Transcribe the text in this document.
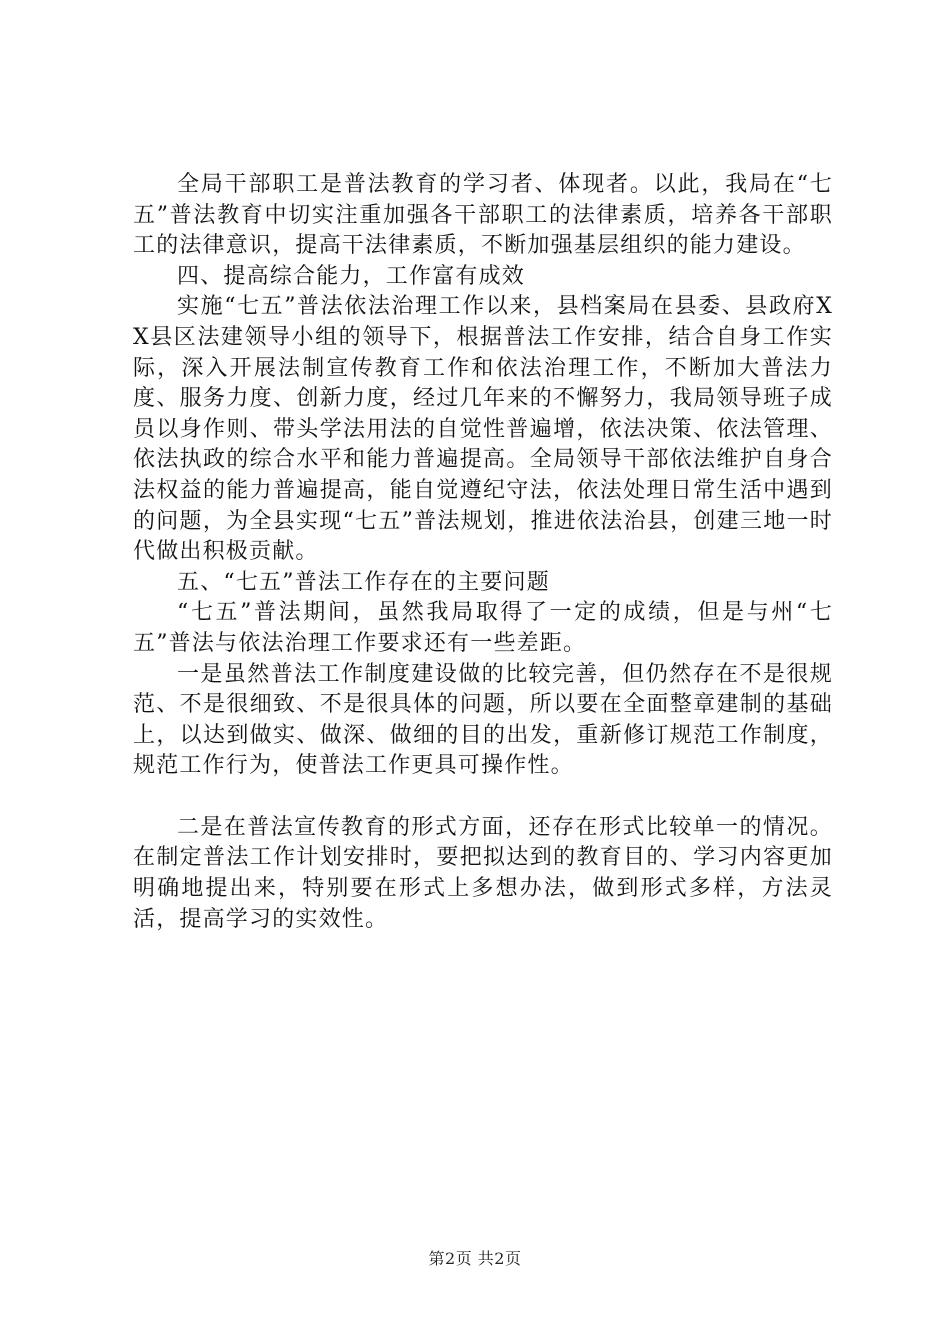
全局干部职工是普法教育的学习者、体现者。以此，我局在“七五”普法教育中切实注重加强各干部职工的法律素质，培养各干部职工的法律意识，提高干法律素质，不断加强基层组织的能力建设。

四、提高综合能力，工作富有成效

实施“七五”普法依法治理工作以来，县档案局在县委、县政府XX县区法建领导小组的领导下，根据普法工作安排，结合自身工作实际，深入开展法制宣传教育工作和依法治理工作，不断加大普法力度、服务力度、创新力度，经过几年来的不懈努力，我局领导班子成员以身作则、带头学法用法的自觉性普遍增，依法决策、依法管理、依法执政的综合水平和能力普遍提高。全局领导干部依法维护自身合法权益的能力普遍提高，能自觉遵纪守法，依法处理日常生活中遇到的问题，为全县实现“七五”普法规划，推进依法治县，创建三地一时代做出积极贡献。

五、“七五”普法工作存在的主要问题

“七五”普法期间，虽然我局取得了一定的成绩，但是与州“七五”普法与依法治理工作要求还有一些差距。

一是虽然普法工作制度建设做的比较完善，但仍然存在不是很规范、不是很细致、不是很具体的问题，所以要在全面整章建制的基础上，以达到做实、做深、做细的目的出发，重新修订规范工作制度，规范工作行为，使普法工作更具可操作性。

二是在普法宣传教育的形式方面，还存在形式比较单一的情况。在制定普法工作计划安排时，要把拟达到的教育目的、学习内容更加明确地提出来，特别要在形式上多想办法，做到形式多样，方法灵活，提高学习的实效性。

第2页 共2页
